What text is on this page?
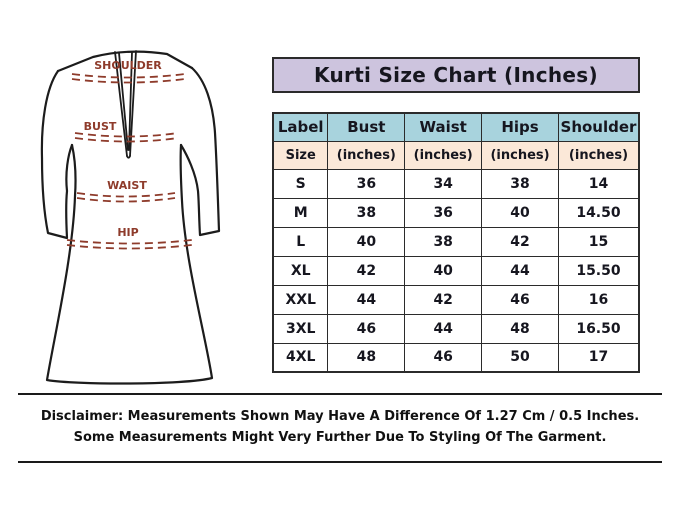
SHOULDER
BUST
WAIST
HIP
Kurti Size Chart (Inches)
Label	Bust	Waist	Hips	Shoulder
Size	(inches)	(inches)	(inches)	(inches)
S	36	34	38	14
M	38	36	40	14.50
L	40	38	42	15
XL	42	40	44	15.50
XXL	44	42	46	16
3XL	46	44	48	16.50
4XL	48	46	50	17
Disclaimer: Measurements Shown May Have A Difference Of 1.27 Cm / 0.5 Inches.
Some Measurements Might Very Further Due To Styling Of The Garment.
